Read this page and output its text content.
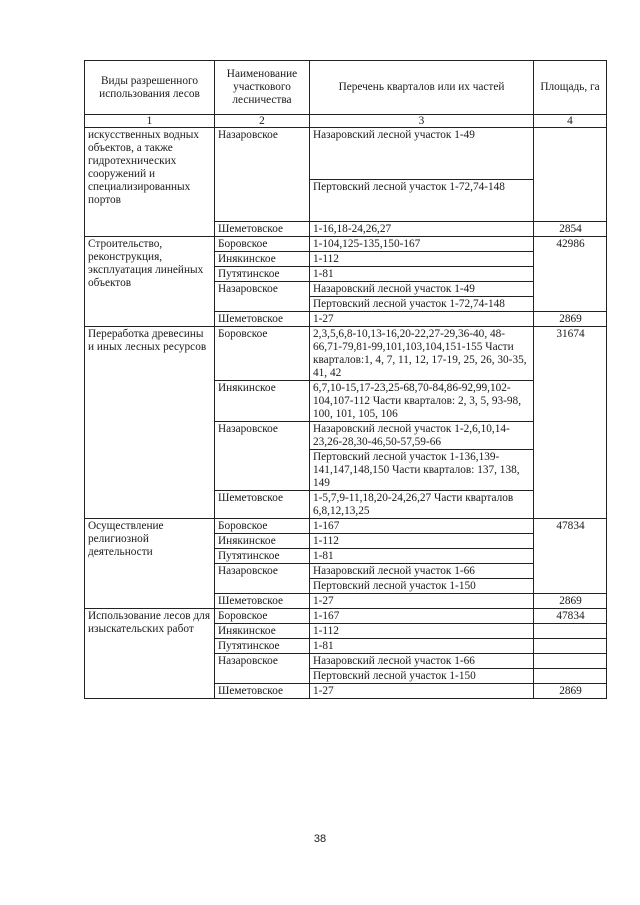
Виды разрешенного использования лесов	Наименование участкового лесничества	Перечень кварталов или их частей	Площадь, га
1	2	3	4
искусственных водных объектов, а также гидротехнических сооружений и специализированных портов	Назаровское	Назаровский лесной участок 1-49	
		Пертовский лесной участок 1-72,74-148	
	Шеметовское	1-16,18-24,26,27	2854
Строительство, реконструкция, эксплуатация линейных объектов	Боровское	1-104,125-135,150-167	42986
	Инякинское	1-112	
	Путятинское	1-81	
	Назаровское	Назаровский лесной участок 1-49	
		Пертовский лесной участок 1-72,74-148	
	Шеметовское	1-27	2869
Переработка древесины и иных лесных ресурсов	Боровское	2,3,5,6,8-10,13-16,20-22,27-29,36-40, 48-66,71-79,81-99,101,103,104,151-155 Части кварталов:1, 4, 7, 11, 12, 17-19, 25, 26, 30-35, 41, 42	31674
	Инякинское	6,7,10-15,17-23,25-68,70-84,86-92,99,102-104,107-112 Части кварталов: 2, 3, 5, 93-98, 100, 101, 105, 106	
	Назаровское	Назаровский лесной участок 1-2,6,10,14-23,26-28,30-46,50-57,59-66	
		Пертовский лесной участок 1-136,139-141,147,148,150 Части кварталов: 137, 138, 149	
	Шеметовское	1-5,7,9-11,18,20-24,26,27 Части кварталов 6,8,12,13,25	
Осуществление религиозной деятельности	Боровское	1-167	47834
	Инякинское	1-112	
	Путятинское	1-81	
	Назаровское	Назаровский лесной участок 1-66	
		Пертовский лесной участок 1-150	
	Шеметовское	1-27	2869
Использование лесов для изыскательских работ	Боровское	1-167	47834
	Инякинское	1-112	
	Путятинское	1-81	
	Назаровское	Назаровский лесной участок 1-66	
		Пертовский лесной участок 1-150	
	Шеметовское	1-27	2869
38
